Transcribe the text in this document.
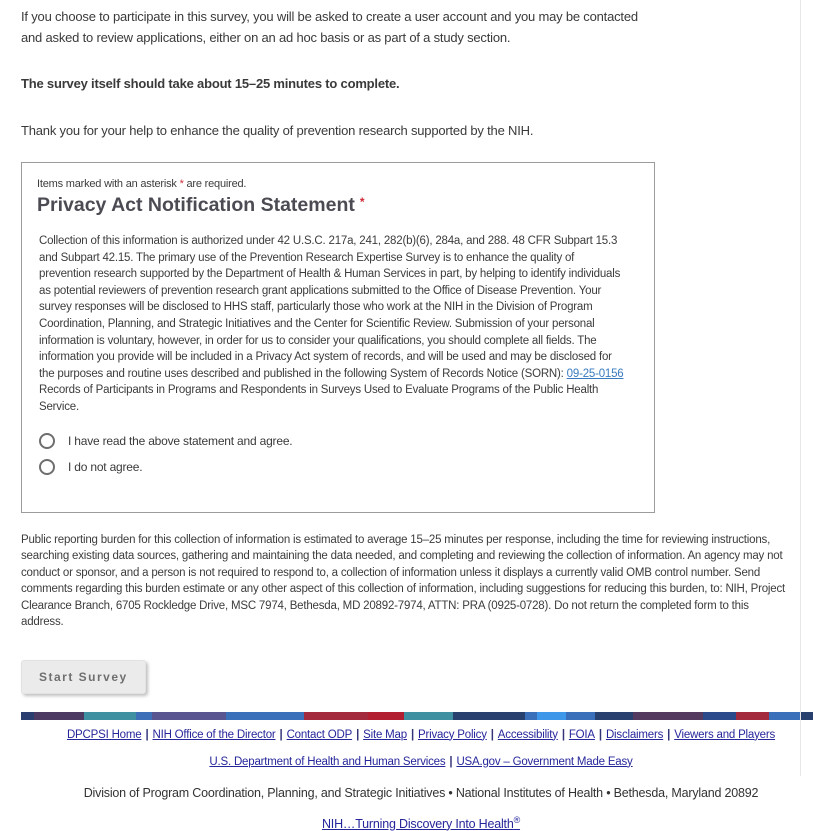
If you choose to participate in this survey, you will be asked to create a user account and you may be contacted and asked to review applications, either on an ad hoc basis or as part of a study section.

The survey itself should take about 15–25 minutes to complete.

Thank you for your help to enhance the quality of prevention research supported by the NIH.

Items marked with an asterisk * are required.

Privacy Act Notification Statement *

Collection of this information is authorized under 42 U.S.C. 217a, 241, 282(b)(6), 284a, and 288. 48 CFR Subpart 15.3 and Subpart 42.15. The primary use of the Prevention Research Expertise Survey is to enhance the quality of prevention research supported by the Department of Health & Human Services in part, by helping to identify individuals as potential reviewers of prevention research grant applications submitted to the Office of Disease Prevention. Your survey responses will be disclosed to HHS staff, particularly those who work at the NIH in the Division of Program Coordination, Planning, and Strategic Initiatives and the Center for Scientific Review. Submission of your personal information is voluntary, however, in order for us to consider your qualifications, you should complete all fields. The information you provide will be included in a Privacy Act system of records, and will be used and may be disclosed for the purposes and routine uses described and published in the following System of Records Notice (SORN): 09-25-0156 Records of Participants in Programs and Respondents in Surveys Used to Evaluate Programs of the Public Health Service.

I have read the above statement and agree.
I do not agree.

Public reporting burden for this collection of information is estimated to average 15–25 minutes per response, including the time for reviewing instructions, searching existing data sources, gathering and maintaining the data needed, and completing and reviewing the collection of information. An agency may not conduct or sponsor, and a person is not required to respond to, a collection of information unless it displays a currently valid OMB control number. Send comments regarding this burden estimate or any other aspect of this collection of information, including suggestions for reducing this burden, to: NIH, Project Clearance Branch, 6705 Rockledge Drive, MSC 7974, Bethesda, MD 20892-7974, ATTN: PRA (0925-0728). Do not return the completed form to this address.

Start Survey
DPCPSI Home | NIH Office of the Director | Contact ODP | Site Map | Privacy Policy | Accessibility | FOIA | Disclaimers | Viewers and Players
U.S. Department of Health and Human Services | USA.gov – Government Made Easy
Division of Program Coordination, Planning, and Strategic Initiatives • National Institutes of Health • Bethesda, Maryland 20892
NIH…Turning Discovery Into Health®
